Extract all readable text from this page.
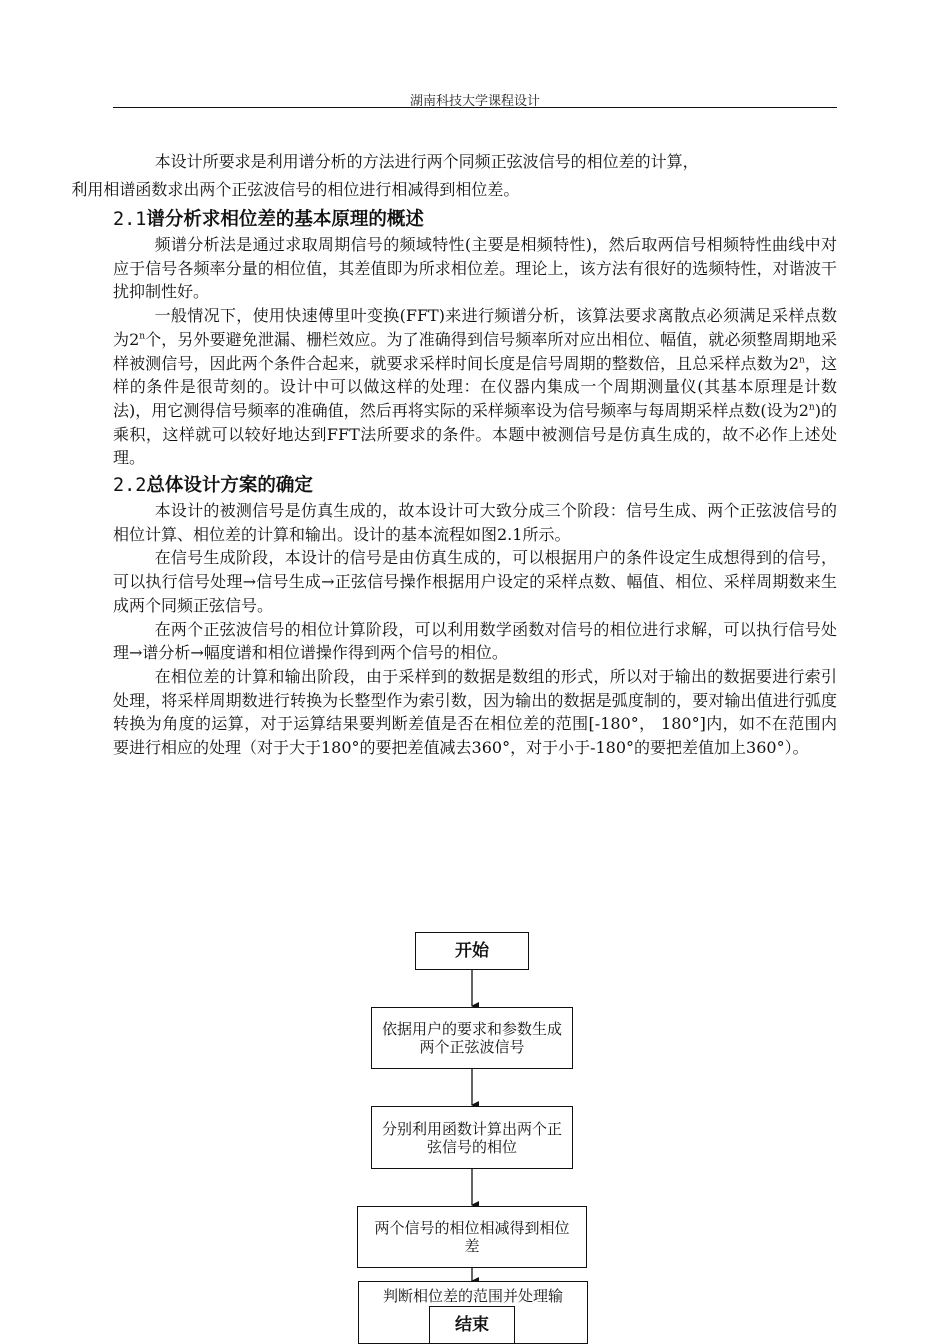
湖南科技大学课程设计

本设计所要求是利用谱分析的方法进行两个同频正弦波信号的相位差的计算，
利用相谱函数求出两个正弦波信号的相位进行相减得到相位差。

2.1谱分析求相位差的基本原理的概述

频谱分析法是通过求取周期信号的频域特性(主要是相频特性)，然后取两信号相频特性曲线中对应于信号各频率分量的相位值，其差值即为所求相位差。理论上，该方法有很好的选频特性，对谐波干扰抑制性好。

一般情况下，使用快速傅里叶变换(FFT)来进行频谱分析，该算法要求离散点必须满足采样点数为2$^n$个，另外要避免泄漏、栅栏效应。为了准确得到信号频率所对应出相位、幅值，就必须整周期地采样被测信号，因此两个条件合起来，就要求采样时间长度是信号周期的整数倍，且总采样点数为2$^n$，这样的条件是很苛刻的。设计中可以做这样的处理：在仪器内集成一个周期测量仪(其基本原理是计数法)，用它测得信号频率的准确值，然后再将实际的采样频率设为信号频率与每周期采样点数(设为2$^n$)的乘积，这样就可以较好地达到FFT法所要求的条件。本题中被测信号是仿真生成的，故不必作上述处理。

2.2总体设计方案的确定

本设计的被测信号是仿真生成的，故本设计可大致分成三个阶段：信号生成、两个正弦波信号的相位计算、相位差的计算和输出。设计的基本流程如图2.1所示。

在信号生成阶段，本设计的信号是由仿真生成的，可以根据用户的条件设定生成想得到的信号，可以执行信号处理→信号生成→正弦信号操作根据用户设定的采样点数、幅值、相位、采样周期数来生成两个同频正弦信号。

在两个正弦波信号的相位计算阶段，可以利用数学函数对信号的相位进行求解，可以执行信号处理→谱分析→幅度谱和相位谱操作得到两个信号的相位。

在相位差的计算和输出阶段，由于采样到的数据是数组的形式，所以对于输出的数据要进行索引处理，将采样周期数进行转换为长整型作为索引数，因为输出的数据是弧度制的，要对输出值进行弧度转换为角度的运算，对于运算结果要判断差值是否在相位差的范围[-180°， 180°]内，如不在范围内要进行相应的处理（对于大于180°的要把差值减去360°，对于小于-180°的要把差值加上360°）。

开始
依据用户的要求和参数生成两个正弦波信号
分别利用函数计算出两个正弦信号的相位
两个信号的相位相减得到相位差
判断相位差的范围并处理输
结束
